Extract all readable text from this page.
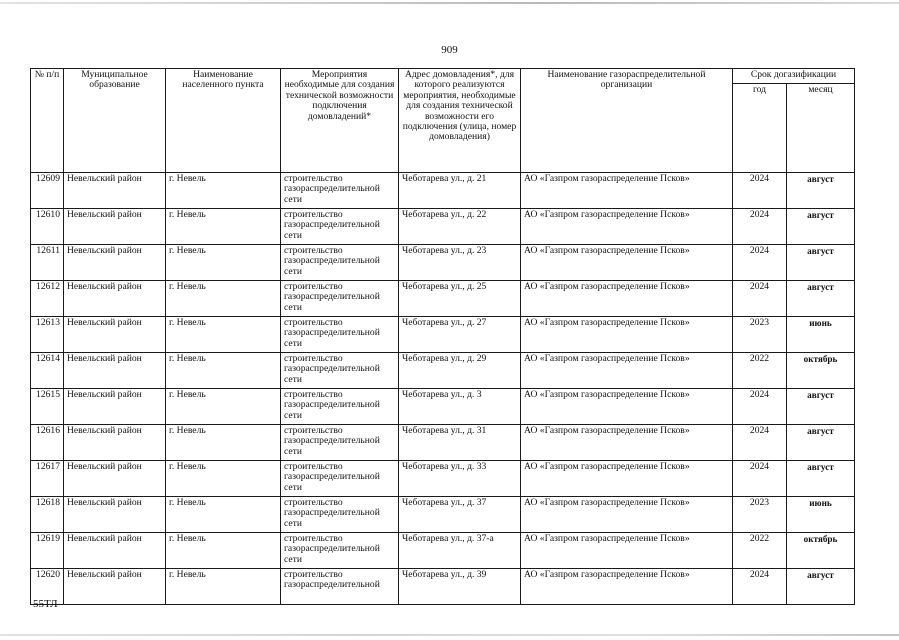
909
№ п/п	Муниципальное образование	Наименование населенного пункта	Мероприятия необходимые для создания технической возможности подключения домовладений*	Адрес домовладения*, для которого реализуются мероприятия, необходимые для создания технической возможности его подключения (улица, номер домовладения)	Наименование газораспределительной организации	Срок догазификации	
						год	месяц
12609	Невельский район	г. Невель	строительство газораспределительной сети	Чеботарева ул., д. 21	АО «Газпром газораспределение Псков»	2024	август
12610	Невельский район	г. Невель	строительство газораспределительной сети	Чеботарева ул., д. 22	АО «Газпром газораспределение Псков»	2024	август
12611	Невельский район	г. Невель	строительство газораспределительной сети	Чеботарева ул., д. 23	АО «Газпром газораспределение Псков»	2024	август
12612	Невельский район	г. Невель	строительство газораспределительной сети	Чеботарева ул., д. 25	АО «Газпром газораспределение Псков»	2024	август
12613	Невельский район	г. Невель	строительство газораспределительной сети	Чеботарева ул., д. 27	АО «Газпром газораспределение Псков»	2023	июнь
12614	Невельский район	г. Невель	строительство газораспределительной сети	Чеботарева ул., д. 29	АО «Газпром газораспределение Псков»	2022	октябрь
12615	Невельский район	г. Невель	строительство газораспределительной сети	Чеботарева ул., д. 3	АО «Газпром газораспределение Псков»	2024	август
12616	Невельский район	г. Невель	строительство газораспределительной сети	Чеботарева ул., д. 31	АО «Газпром газораспределение Псков»	2024	август
12617	Невельский район	г. Невель	строительство газораспределительной сети	Чеботарева ул., д. 33	АО «Газпром газораспределение Псков»	2024	август
12618	Невельский район	г. Невель	строительство газораспределительной сети	Чеботарева ул., д. 37	АО «Газпром газораспределение Псков»	2023	июнь
12619	Невельский район	г. Невель	строительство газораспределительной сети	Чеботарева ул., д. 37-а	АО «Газпром газораспределение Псков»	2022	октябрь
12620	Невельский район	г. Невель	строительство газораспределительной	Чеботарева ул., д. 39	АО «Газпром газораспределение Псков»	2024	август
55ТЛ
